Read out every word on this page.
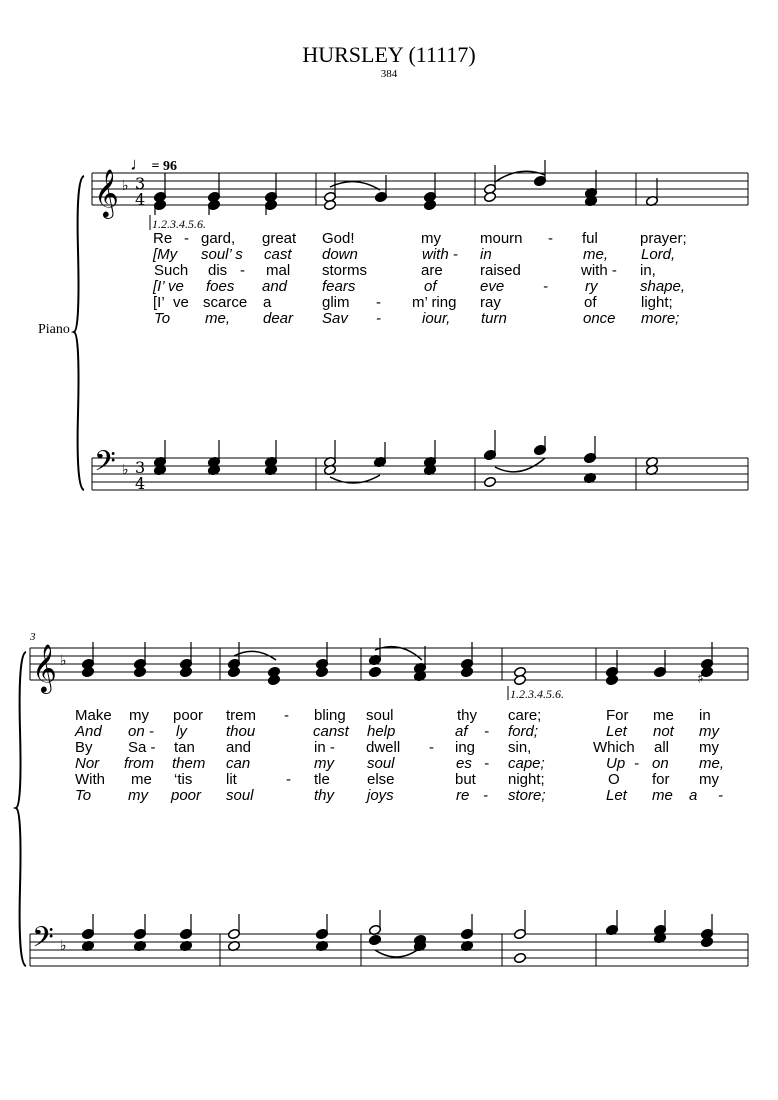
HURSLEY (11117)
384
♩ = 96
Piano
3
1.2.3.4.5.6.
1.2.3.4.5.6.
𝄞
𝄢
𝄞
𝄢
♭
♭
♭
♭
3
4
3
4
♯
Re - gard, great God!	my	mourn - ful	prayer;
[My soul’ s cast down	with - in	me, Lord,
Such dis - mal storms	are raised	with - in,
[I’ ve foes and fears	of	eve	- ry	shape,
[I’ ve scarce a	glim - m’ ring ray	of	light;
To me, dear Sav -	iour, turn	once more;
Make my poor trem - bling soul	thy care;	For me in
And on - ly	thou	canst help	af - ford;	Let not my
By Sa - tan and	in - dwell - ing sin,	Which all my
Nor from them can	my soul	es - cape;	Up - on me,
With me ‘tis lit	- tle else	but night;	O for my
To my poor soul	thy joys	re - store;	Let me a -
